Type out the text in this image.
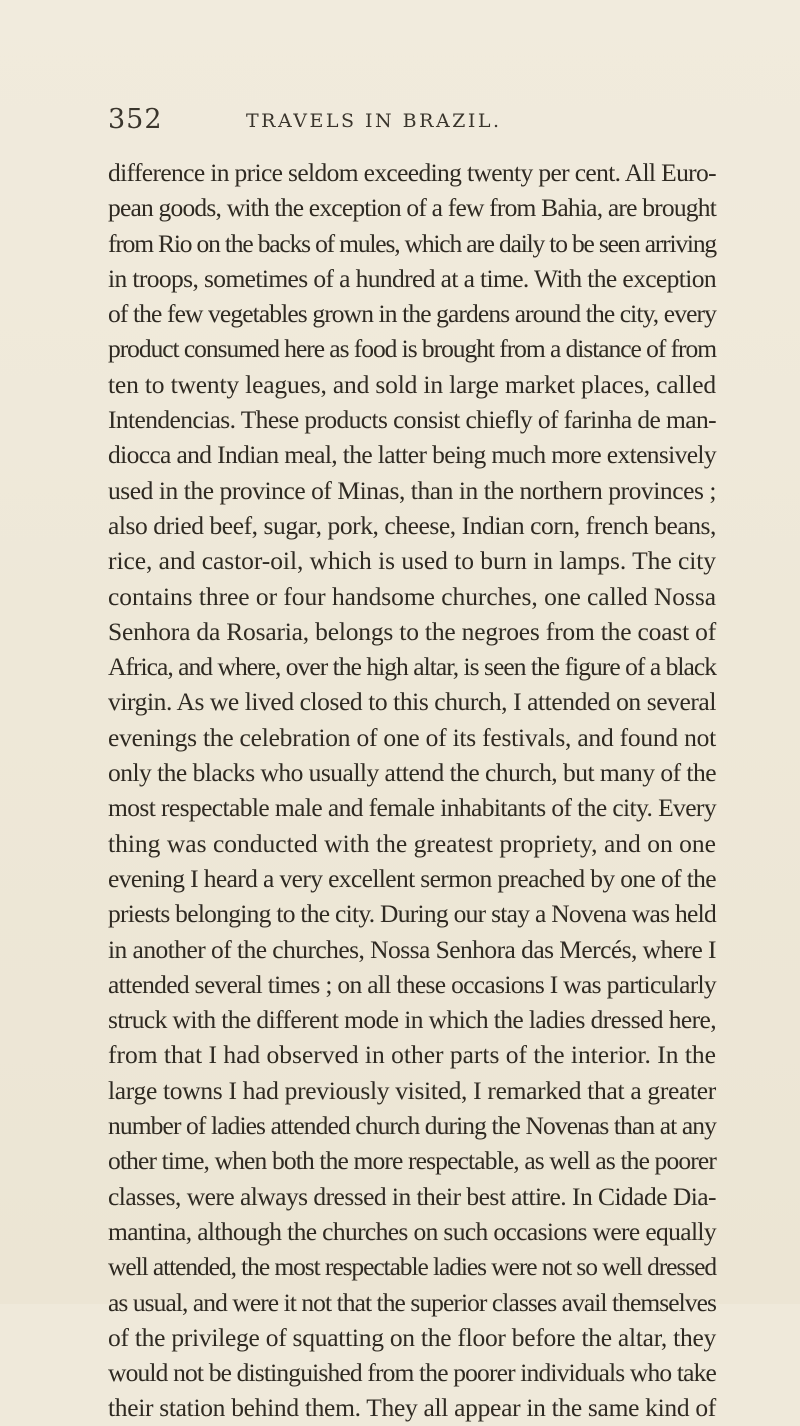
352	TRAVELS IN BRAZIL.
difference in price seldom exceeding twenty per cent. All Euro-
pean goods, with the exception of a few from Bahia, are brought
from Rio on the backs of mules, which are daily to be seen arriving
in troops, sometimes of a hundred at a time. With the exception
of the few vegetables grown in the gardens around the city, every
product consumed here as food is brought from a distance of from
ten to twenty leagues, and sold in large market places, called
Intendencias. These products consist chiefly of farinha de man-
diocca and Indian meal, the latter being much more extensively
used in the province of Minas, than in the northern provinces ;
also dried beef, sugar, pork, cheese, Indian corn, french beans,
rice, and castor-oil, which is used to burn in lamps. The city
contains three or four handsome churches, one called Nossa
Senhora da Rosaria, belongs to the negroes from the coast of
Africa, and where, over the high altar, is seen the figure of a black
virgin. As we lived closed to this church, I attended on several
evenings the celebration of one of its festivals, and found not
only the blacks who usually attend the church, but many of the
most respectable male and female inhabitants of the city. Every
thing was conducted with the greatest propriety, and on one
evening I heard a very excellent sermon preached by one of the
priests belonging to the city. During our stay a Novena was held
in another of the churches, Nossa Senhora das Mercés, where I
attended several times ; on all these occasions I was particularly
struck with the different mode in which the ladies dressed here,
from that I had observed in other parts of the interior. In the
large towns I had previously visited, I remarked that a greater
number of ladies attended church during the Novenas than at any
other time, when both the more respectable, as well as the poorer
classes, were always dressed in their best attire. In Cidade Dia-
mantina, although the churches on such occasions were equally
well attended, the most respectable ladies were not so well dressed
as usual, and were it not that the superior classes avail themselves
of the privilege of squatting on the floor before the altar, they
would not be distinguished from the poorer individuals who take
their station behind them. They all appear in the same kind of
